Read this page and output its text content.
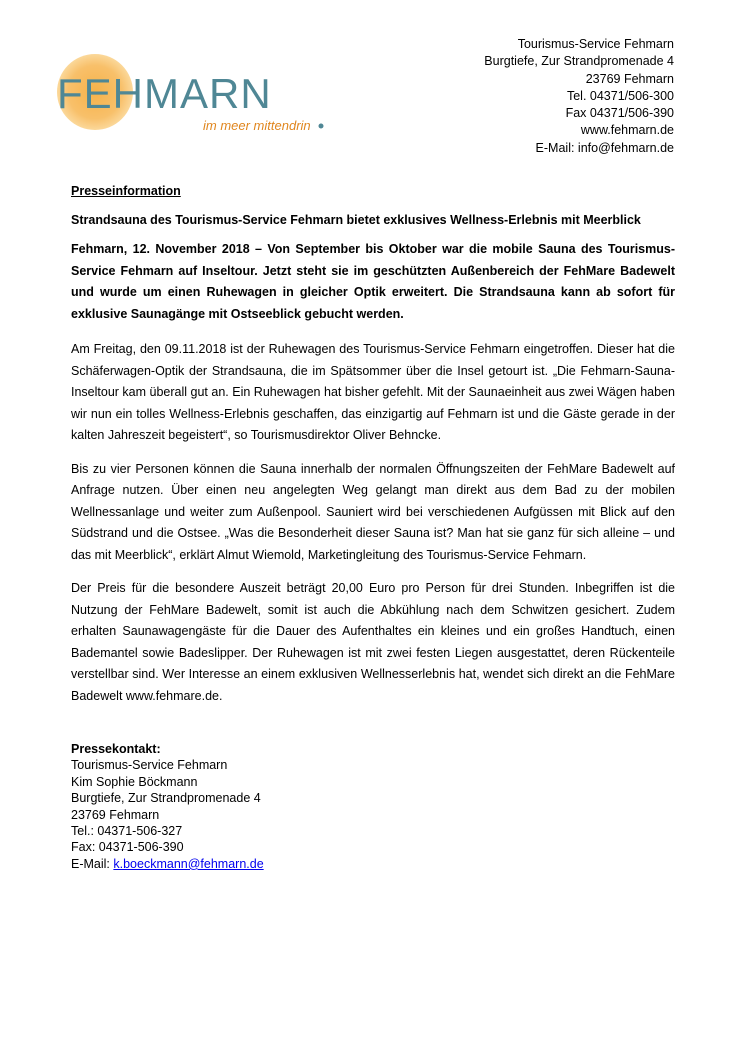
FEHMARN
im meer mittendrin
Tourismus-Service Fehmarn
Burgtiefe, Zur Strandpromenade 4
23769 Fehmarn
Tel. 04371/506-300
Fax 04371/506-390
www.fehmarn.de
E-Mail: info@fehmarn.de
Presseinformation
Strandsauna des Tourismus-Service Fehmarn bietet exklusives Wellness-Erlebnis mit Meerblick
Fehmarn, 12. November 2018 – Von September bis Oktober war die mobile Sauna des Tourismus-Service Fehmarn auf Inseltour. Jetzt steht sie im geschützten Außenbereich der FehMare Badewelt und wurde um einen Ruhewagen in gleicher Optik erweitert. Die Strandsauna kann ab sofort für exklusive Saunagänge mit Ostseeblick gebucht werden.
Am Freitag, den 09.11.2018 ist der Ruhewagen des Tourismus-Service Fehmarn eingetroffen. Dieser hat die Schäferwagen-Optik der Strandsauna, die im Spätsommer über die Insel getourt ist. „Die Fehmarn-Sauna-Inseltour kam überall gut an. Ein Ruhewagen hat bisher gefehlt. Mit der Saunaeinheit aus zwei Wägen haben wir nun ein tolles Wellness-Erlebnis geschaffen, das einzigartig auf Fehmarn ist und die Gäste gerade in der kalten Jahreszeit begeistert“, so Tourismusdirektor Oliver Behncke.
Bis zu vier Personen können die Sauna innerhalb der normalen Öffnungszeiten der FehMare Badewelt auf Anfrage nutzen. Über einen neu angelegten Weg gelangt man direkt aus dem Bad zu der mobilen Wellnessanlage und weiter zum Außenpool. Sauniert wird bei verschiedenen Aufgüssen mit Blick auf den Südstrand und die Ostsee. „Was die Besonderheit dieser Sauna ist? Man hat sie ganz für sich alleine – und das mit Meerblick“, erklärt Almut Wiemold, Marketingleitung des Tourismus-Service Fehmarn.
Der Preis für die besondere Auszeit beträgt 20,00 Euro pro Person für drei Stunden. Inbegriffen ist die Nutzung der FehMare Badewelt, somit ist auch die Abkühlung nach dem Schwitzen gesichert. Zudem erhalten Saunawagengäste für die Dauer des Aufenthaltes ein kleines und ein großes Handtuch, einen Bademantel sowie Badeslipper. Der Ruhewagen ist mit zwei festen Liegen ausgestattet, deren Rückenteile verstellbar sind. Wer Interesse an einem exklusiven Wellnesserlebnis hat, wendet sich direkt an die FehMare Badewelt www.fehmare.de.
Pressekontakt:
Tourismus-Service Fehmarn
Kim Sophie Böckmann
Burgtiefe, Zur Strandpromenade 4
23769 Fehmarn
Tel.: 04371-506-327
Fax: 04371-506-390
E-Mail: k.boeckmann@fehmarn.de
